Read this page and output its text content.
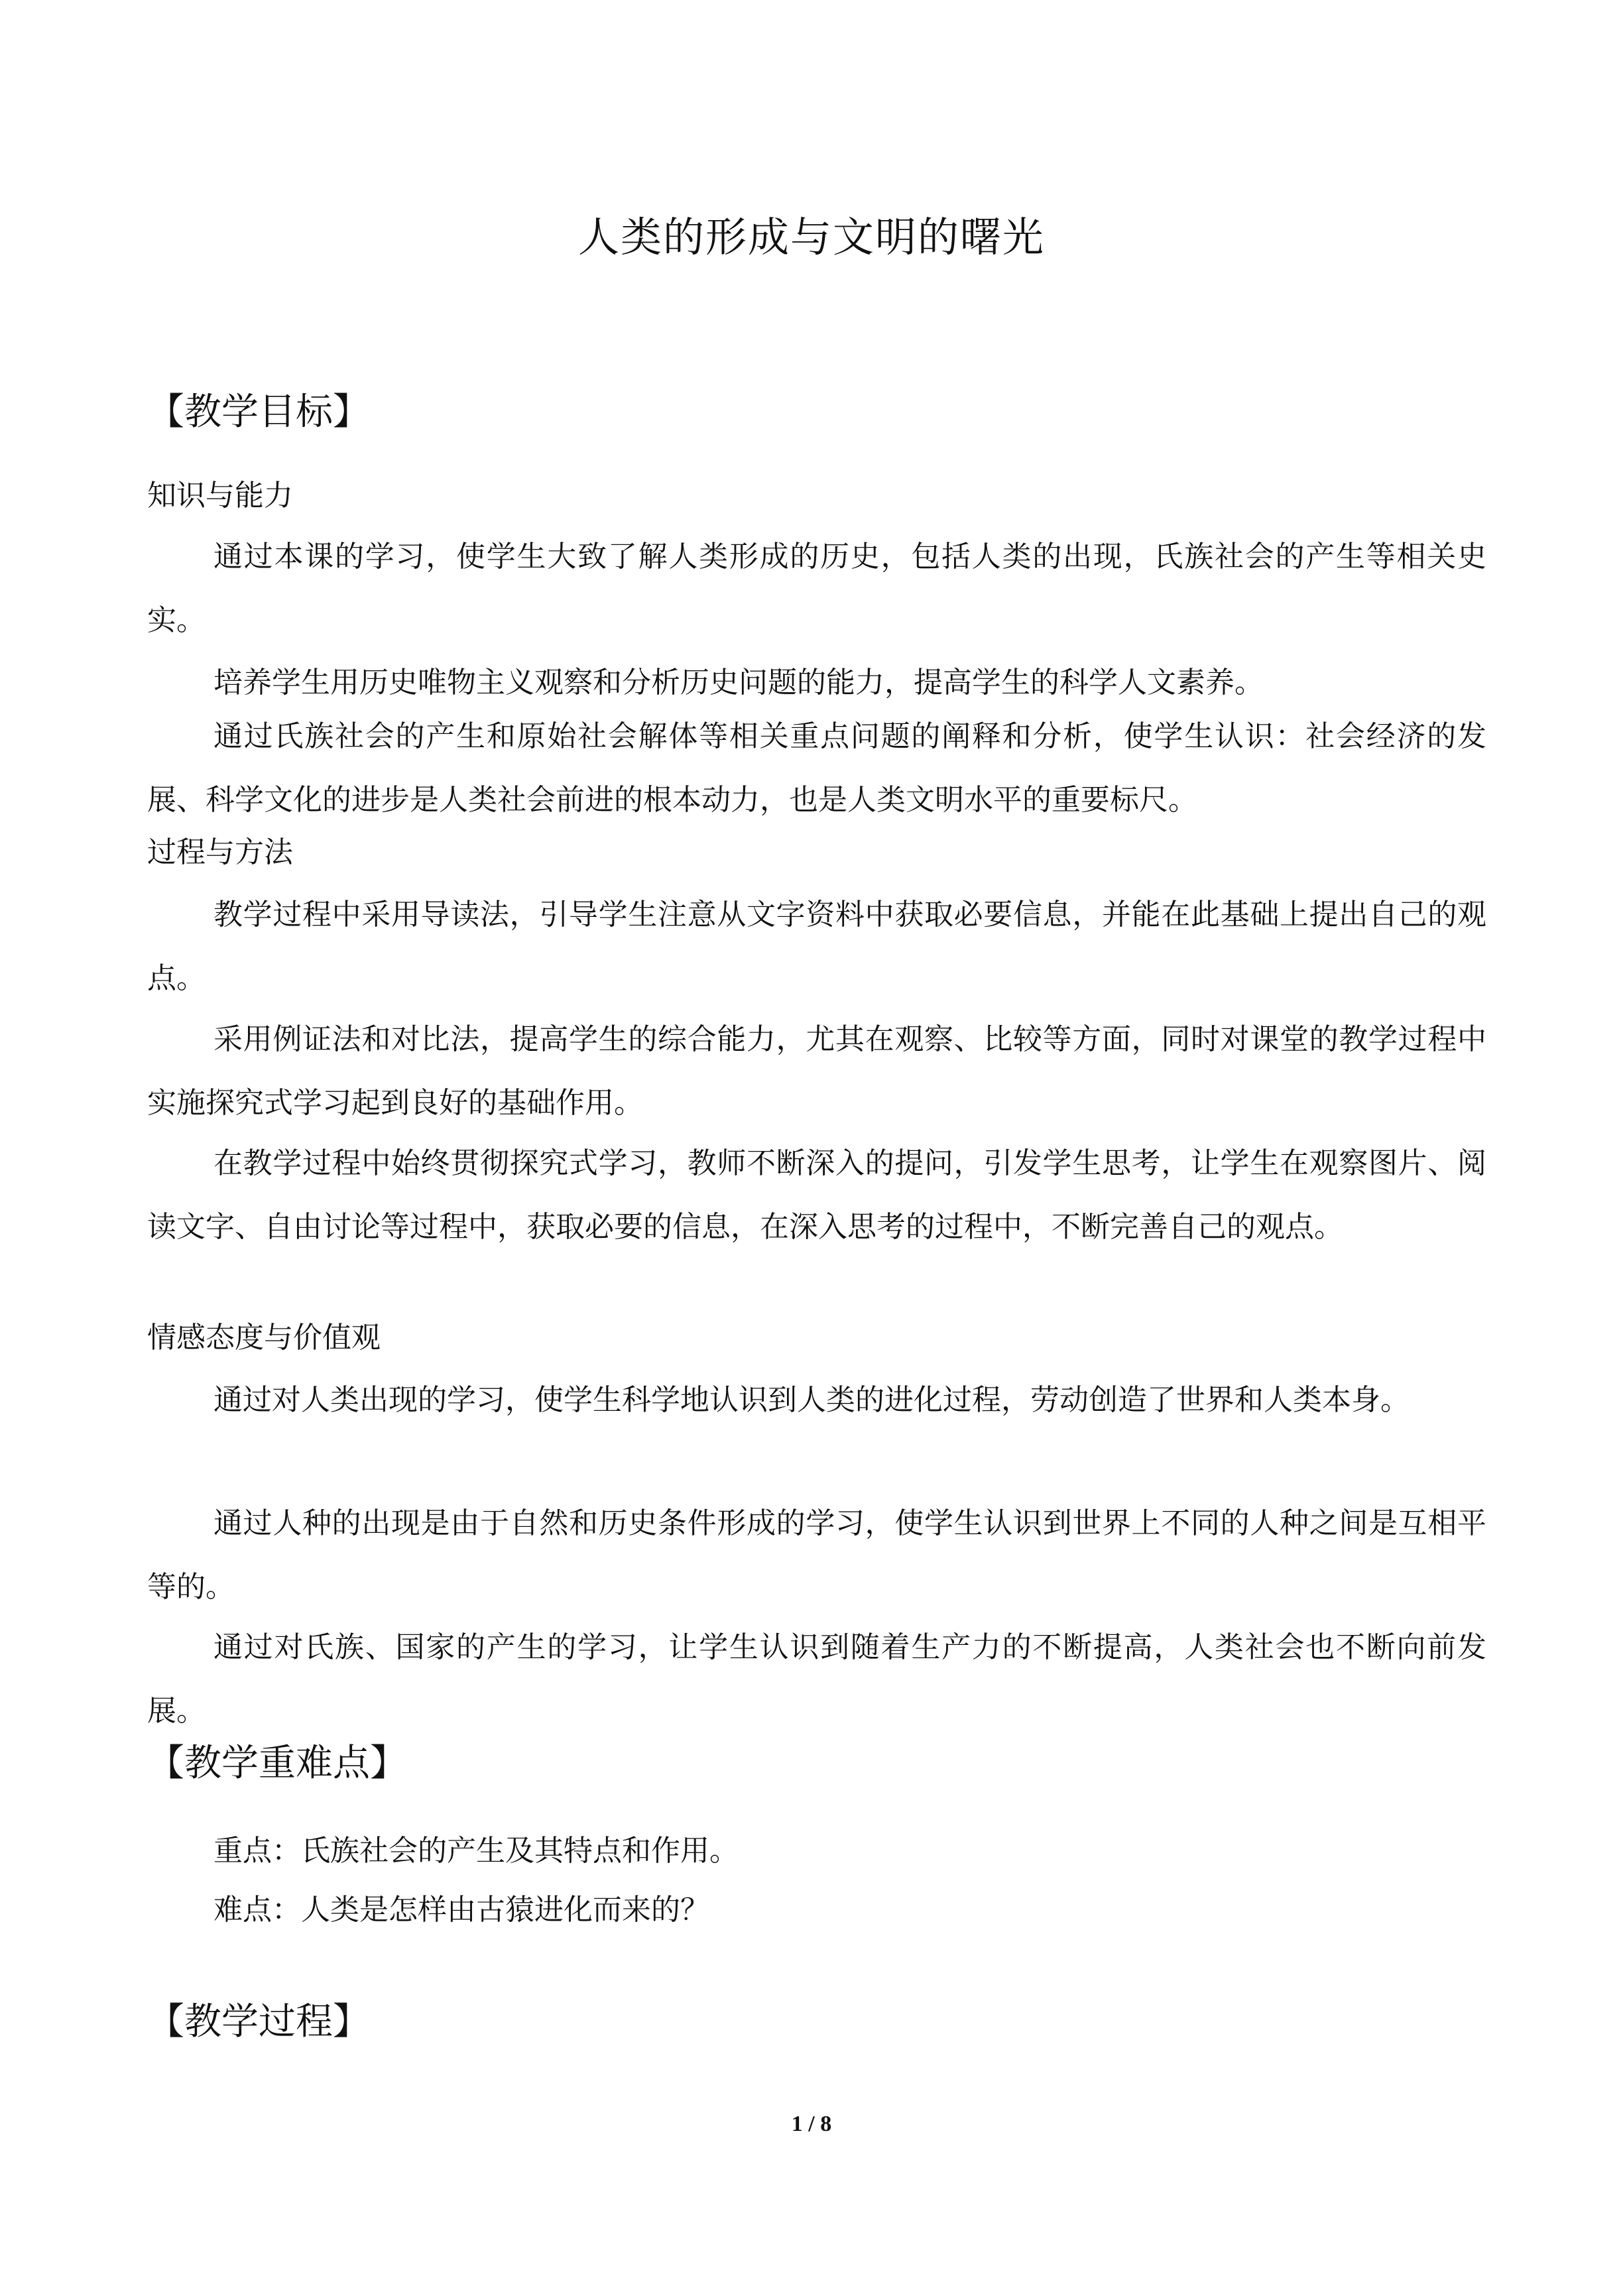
人类的形成与文明的曙光
【教学目标】
知识与能力

通过本课的学习，使学生大致了解人类形成的历史，包括人类的出现，氏族社会的产生等相关史实。

培养学生用历史唯物主义观察和分析历史问题的能力，提高学生的科学人文素养。

通过氏族社会的产生和原始社会解体等相关重点问题的阐释和分析，使学生认识：社会经济的发展、科学文化的进步是人类社会前进的根本动力，也是人类文明水平的重要标尺。

过程与方法

教学过程中采用导读法，引导学生注意从文字资料中获取必要信息，并能在此基础上提出自己的观点。

采用例证法和对比法，提高学生的综合能力，尤其在观察、比较等方面，同时对课堂的教学过程中实施探究式学习起到良好的基础作用。

在教学过程中始终贯彻探究式学习，教师不断深入的提问，引发学生思考，让学生在观察图片、阅读文字、自由讨论等过程中，获取必要的信息，在深入思考的过程中，不断完善自己的观点。

情感态度与价值观

通过对人类出现的学习，使学生科学地认识到人类的进化过程，劳动创造了世界和人类本身。

通过人种的出现是由于自然和历史条件形成的学习，使学生认识到世界上不同的人种之间是互相平等的。

通过对氏族、国家的产生的学习，让学生认识到随着生产力的不断提高，人类社会也不断向前发展。

【教学重难点】

重点：氏族社会的产生及其特点和作用。

难点：人类是怎样由古猿进化而来的？

【教学过程】
1 / 8
